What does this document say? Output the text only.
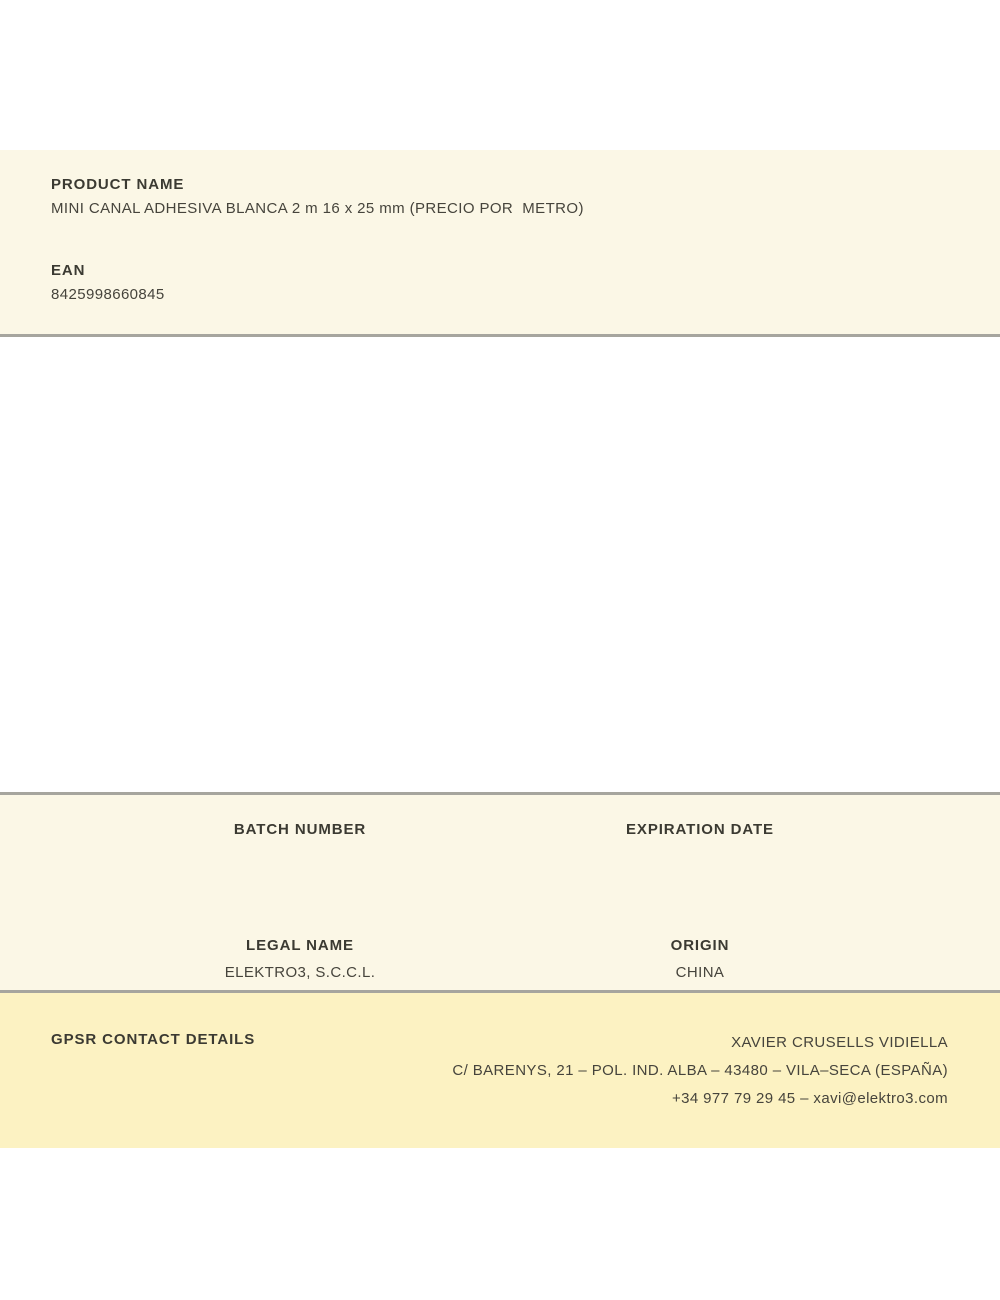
PRODUCT NAME
MINI CANAL ADHESIVA BLANCA 2 m 16 x 25 mm (PRECIO POR  METRO)
EAN
8425998660845
BATCH NUMBER	EXPIRATION DATE
LEGAL NAME
ELEKTRO3, S.C.C.L.
ORIGIN
CHINA
GPSR CONTACT DETAILS	XAVIER CRUSELLS VIDIELLA
C/ BARENYS, 21 – POL. IND. ALBA – 43480 – VILA–SECA (ESPAÑA)
+34 977 79 29 45 – xavi@elektro3.com
